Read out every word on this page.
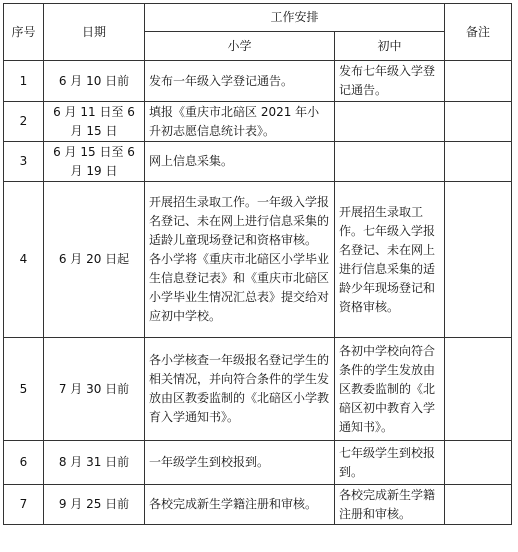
序号	日期	工作安排		备注
		小学	初中	
1	6 月 10 日前	发布一年级入学登记通告。	发布七年级入学登记通告。	

2	6 月 11 日至 6 月 15 日	填报《重庆市北碚区 2021 年小升初志愿信息统计表》。		

3	6 月 15 日至 6 月 19 日	网上信息采集。		

4	6 月 20 日起	开展招生录取工作。一年级入学报名登记、未在网上进行信息采集的适龄儿童现场登记和资格审核。
各小学将《重庆市北碚区小学毕业生信息登记表》和《重庆市北碚区小学毕业生情况汇总表》提交给对应初中学校。	开展招生录取工作。七年级入学报名登记、未在网上进行信息采集的适龄少年现场登记和资格审核。	

5	7 月 30 日前	各小学核查一年级报名登记学生的相关情况，并向符合条件的学生发放由区教委监制的《北碚区小学教育入学通知书》。	各初中学校向符合条件的学生发放由区教委监制的《北碚区初中教育入学通知书》。	

6	8 月 31 日前	一年级学生到校报到。	七年级学生到校报到。	

7	9 月 25 日前	各校完成新生学籍注册和审核。	各校完成新生学籍注册和审核。	
